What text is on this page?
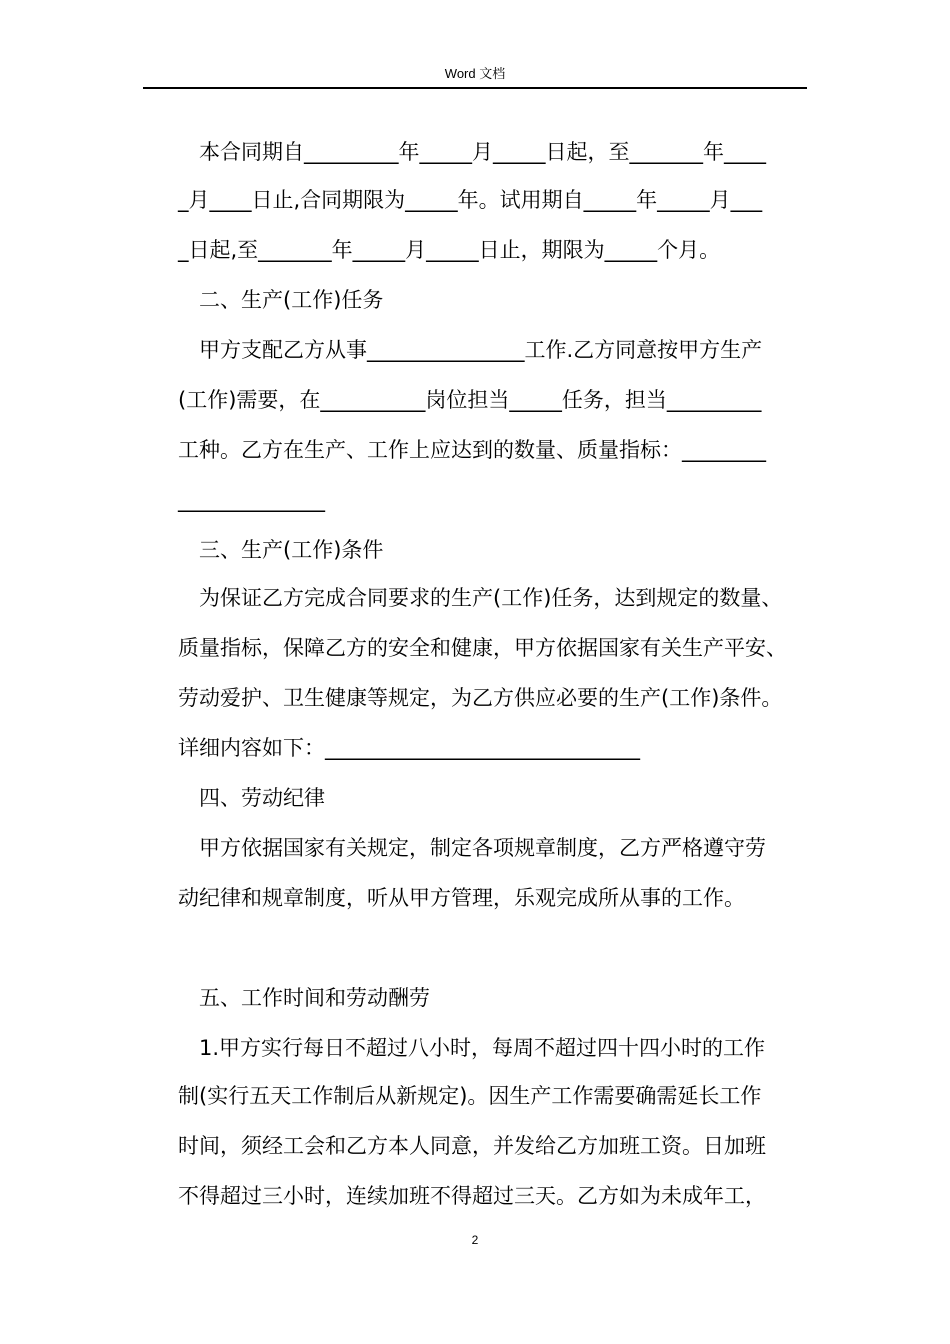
Word 文档
本合同期自_________年_____月_____日起，至_______年____
_月____日止,合同期限为_____年。试用期自_____年_____月___
_日起,至_______年_____月_____日止，期限为_____个月。
二、生产(工作)任务
甲方支配乙方从事_______________工作.乙方同意按甲方生产
(工作)需要，在__________岗位担当_____任务，担当_________
工种。乙方在生产、工作上应达到的数量、质量指标：________
______________
三、生产(工作)条件
为保证乙方完成合同要求的生产(工作)任务，达到规定的数量、
质量指标，保障乙方的安全和健康，甲方依据国家有关生产平安、
劳动爱护、卫生健康等规定，为乙方供应必要的生产(工作)条件。
详细内容如下：______________________________
四、劳动纪律
甲方依据国家有关规定，制定各项规章制度，乙方严格遵守劳
动纪律和规章制度，听从甲方管理，乐观完成所从事的工作。
五、工作时间和劳动酬劳
1.甲方实行每日不超过八小时，每周不超过四十四小时的工作
制(实行五天工作制后从新规定)。因生产工作需要确需延长工作
时间，须经工会和乙方本人同意，并发给乙方加班工资。日加班
不得超过三小时，连续加班不得超过三天。乙方如为未成年工，
2
